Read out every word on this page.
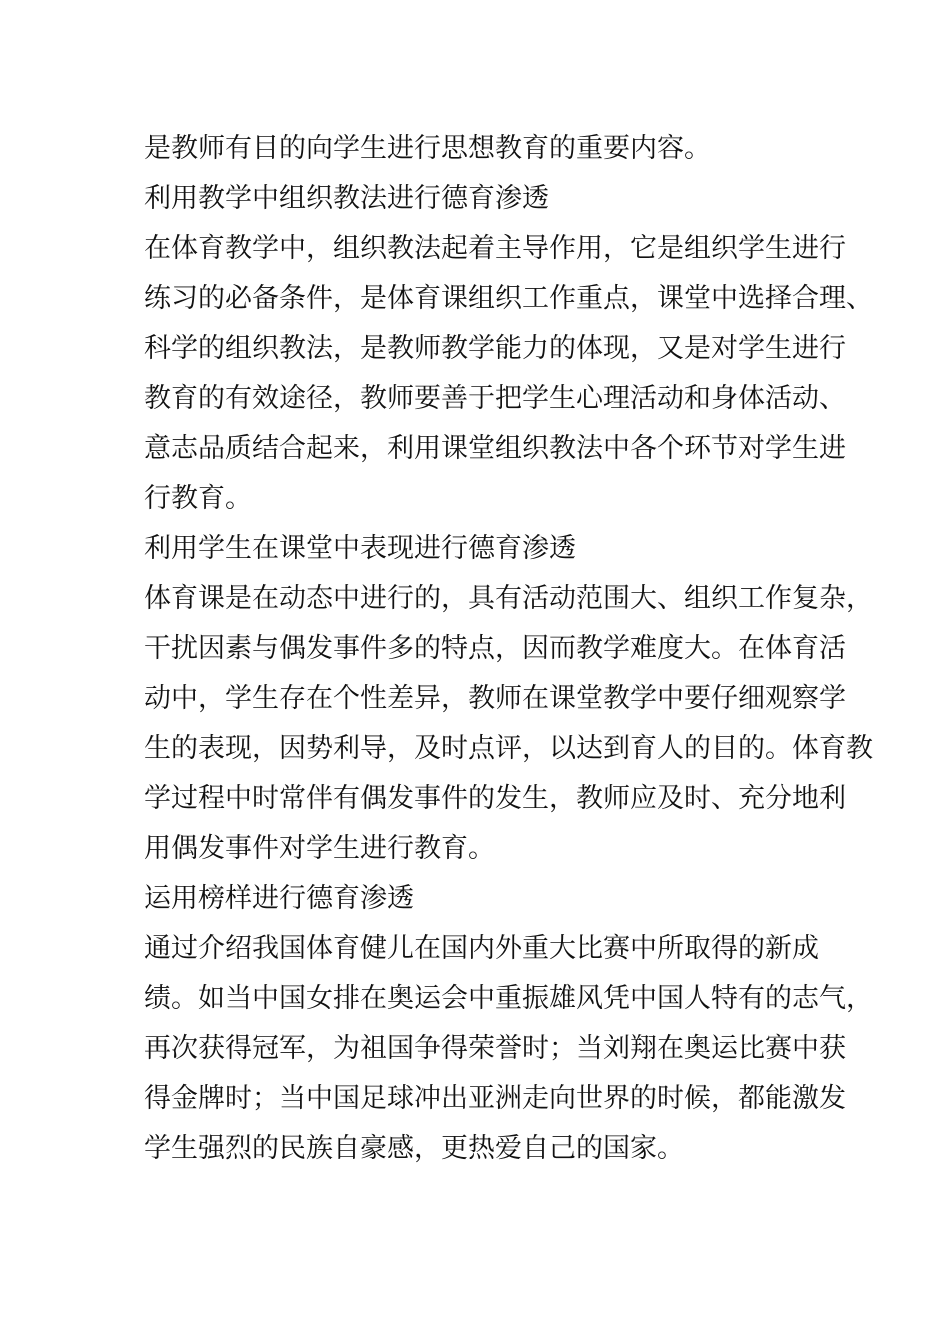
是教师有目的向学生进行思想教育的重要内容。
利用教学中组织教法进行德育渗透
在体育教学中，组织教法起着主导作用，它是组织学生进行
练习的必备条件，是体育课组织工作重点，课堂中选择合理、
科学的组织教法，是教师教学能力的体现，又是对学生进行
教育的有效途径，教师要善于把学生心理活动和身体活动、
意志品质结合起来，利用课堂组织教法中各个环节对学生进
行教育。
利用学生在课堂中表现进行德育渗透
体育课是在动态中进行的，具有活动范围大、组织工作复杂，
干扰因素与偶发事件多的特点，因而教学难度大。在体育活
动中，学生存在个性差异，教师在课堂教学中要仔细观察学
生的表现，因势利导，及时点评，以达到育人的目的。体育教
学过程中时常伴有偶发事件的发生，教师应及时、充分地利
用偶发事件对学生进行教育。
运用榜样进行德育渗透
通过介绍我国体育健儿在国内外重大比赛中所取得的新成
绩。如当中国女排在奥运会中重振雄风凭中国人特有的志气，
再次获得冠军，为祖国争得荣誉时；当刘翔在奥运比赛中获
得金牌时；当中国足球冲出亚洲走向世界的时候，都能激发
学生强烈的民族自豪感，更热爱自己的国家。
